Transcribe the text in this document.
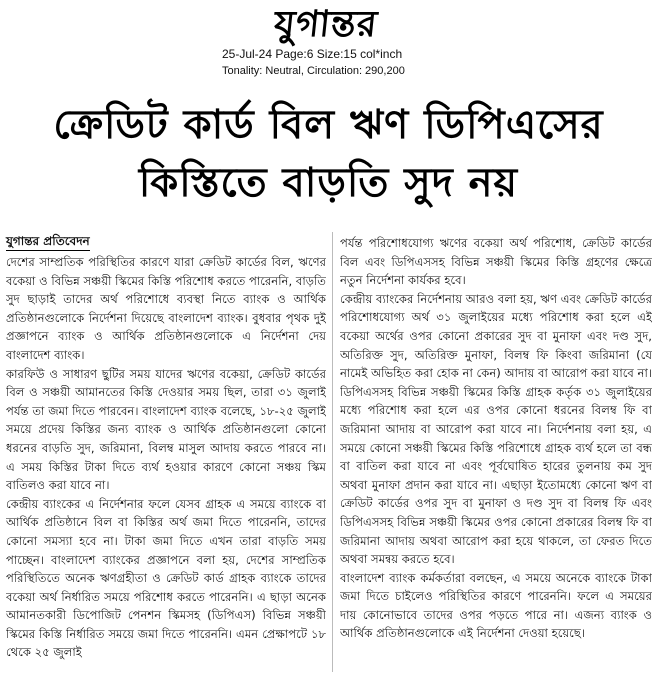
যুগান্তর
25-Jul-24 Page:6 Size:15 col*inch
Tonality: Neutral, Circulation: 290,200
ক্রেডিট কার্ড বিল ঋণ ডিপিএসের
কিস্তিতে বাড়তি সুদ নয়
যুগান্তর প্রতিবেদন

দেশের সাম্প্রতিক পরিস্থিতির কারণে যারা ক্রেডিট কার্ডের বিল, ঋণের বকেয়া ও বিভিন্ন সঞ্চয়ী স্কিমের কিস্তি পরিশোধ করতে পারেননি, বাড়তি সুদ ছাড়াই তাদের অর্থ পরিশোধে ব্যবস্থা নিতে ব্যাংক ও আর্থিক প্রতিষ্ঠানগুলোকে নির্দেশনা দিয়েছে বাংলাদেশ ব্যাংক। বুধবার পৃথক দুই প্রজ্ঞাপনে ব্যাংক ও আর্থিক প্রতিষ্ঠানগুলোকে এ নির্দেশনা দেয় বাংলাদেশ ব্যাংক।

কারফিউ ও সাধারণ ছুটির সময় যাদের ঋণের বকেয়া, ক্রেডিট কার্ডের বিল ও সঞ্চয়ী আমানতের কিস্তি দেওয়ার সময় ছিল, তারা ৩১ জুলাই পর্যন্ত তা জমা দিতে পারবেন। বাংলাদেশ ব্যাংক বলেছে, ১৮-২৫ জুলাই সময়ে প্রদেয় কিস্তির জন্য ব্যাংক ও আর্থিক প্রতিষ্ঠানগুলো কোনো ধরনের বাড়তি সুদ, জরিমানা, বিলম্ব মাসুল আদায় করতে পারবে না। এ সময় কিস্তির টাকা দিতে ব্যর্থ হওয়ার কারণে কোনো সঞ্চয় স্কিম বাতিলও করা যাবে না।

কেন্দ্রীয় ব্যাংকের এ নির্দেশনার ফলে যেসব গ্রাহক এ সময়ে ব্যাংকে বা আর্থিক প্রতিষ্ঠানে বিল বা কিস্তির অর্থ জমা দিতে পারেননি, তাদের কোনো সমস্যা হবে না। টাকা জমা দিতে এখন তারা বাড়তি সময় পাচ্ছেন। বাংলাদেশ ব্যাংকের প্রজ্ঞাপনে বলা হয়, দেশের সাম্প্রতিক পরিস্থিতিতে অনেক ঋণগ্রহীতা ও ক্রেডিট কার্ড গ্রাহক ব্যাংকে তাদের বকেয়া অর্থ নির্ধারিত সময়ে পরিশোধ করতে পারেননি। এ ছাড়া অনেক আমানতকারী ডিপোজিট পেনশন স্কিমসহ (ডিপিএস) বিভিন্ন সঞ্চয়ী স্কিমের কিস্তি নির্ধারিত সময়ে জমা দিতে পারেননি। এমন প্রেক্ষাপটে ১৮ থেকে ২৫ জুলাই

পর্যন্ত পরিশোধযোগ্য ঋণের বকেয়া অর্থ পরিশোধ, ক্রেডিট কার্ডের বিল এবং ডিপিএসসহ বিভিন্ন সঞ্চয়ী স্কিমের কিস্তি গ্রহণের ক্ষেত্রে নতুন নির্দেশনা কার্যকর হবে।

কেন্দ্রীয় ব্যাংকের নির্দেশনায় আরও বলা হয়, ঋণ এবং ক্রেডিট কার্ডের পরিশোধযোগ্য অর্থ ৩১ জুলাইয়ের মধ্যে পরিশোধ করা হলে এই বকেয়া অর্থের ওপর কোনো প্রকারের সুদ বা মুনাফা এবং দণ্ড সুদ, অতিরিক্ত সুদ, অতিরিক্ত মুনাফা, বিলম্ব ফি কিংবা জরিমানা (যে নামেই অভিহিত করা হোক না কেন) আদায় বা আরোপ করা যাবে না। ডিপিএসসহ বিভিন্ন সঞ্চয়ী স্কিমের কিস্তি গ্রাহক কর্তৃক ৩১ জুলাইয়ের মধ্যে পরিশোধ করা হলে এর ওপর কোনো ধরনের বিলম্ব ফি বা জরিমানা আদায় বা আরোপ করা যাবে না। নির্দেশনায় বলা হয়, এ সময়ে কোনো সঞ্চয়ী স্কিমের কিস্তি পরিশোধে গ্রাহক ব্যর্থ হলে তা বন্ধ বা বাতিল করা যাবে না এবং পূর্বঘোষিত হারের তুলনায় কম সুদ অথবা মুনাফা প্রদান করা যাবে না। এছাড়া ইতোমধ্যে কোনো ঋণ বা ক্রেডিট কার্ডের ওপর সুদ বা মুনাফা ও দণ্ড সুদ বা বিলম্ব ফি এবং ডিপিএসসহ বিভিন্ন সঞ্চয়ী স্কিমের ওপর কোনো প্রকারের বিলম্ব ফি বা জরিমানা আদায় অথবা আরোপ করা হয়ে থাকলে, তা ফেরত দিতে অথবা সমন্বয় করতে হবে।

বাংলাদেশ ব্যাংক কর্মকর্তারা বলছেন, এ সময়ে অনেকে ব্যাংকে টাকা জমা দিতে চাইলেও পরিস্থিতির কারণে পারেননি। ফলে এ সময়ের দায় কোনোভাবে তাদের ওপর পড়তে পারে না। এজন্য ব্যাংক ও আর্থিক প্রতিষ্ঠানগুলোকে এই নির্দেশনা দেওয়া হয়েছে।
